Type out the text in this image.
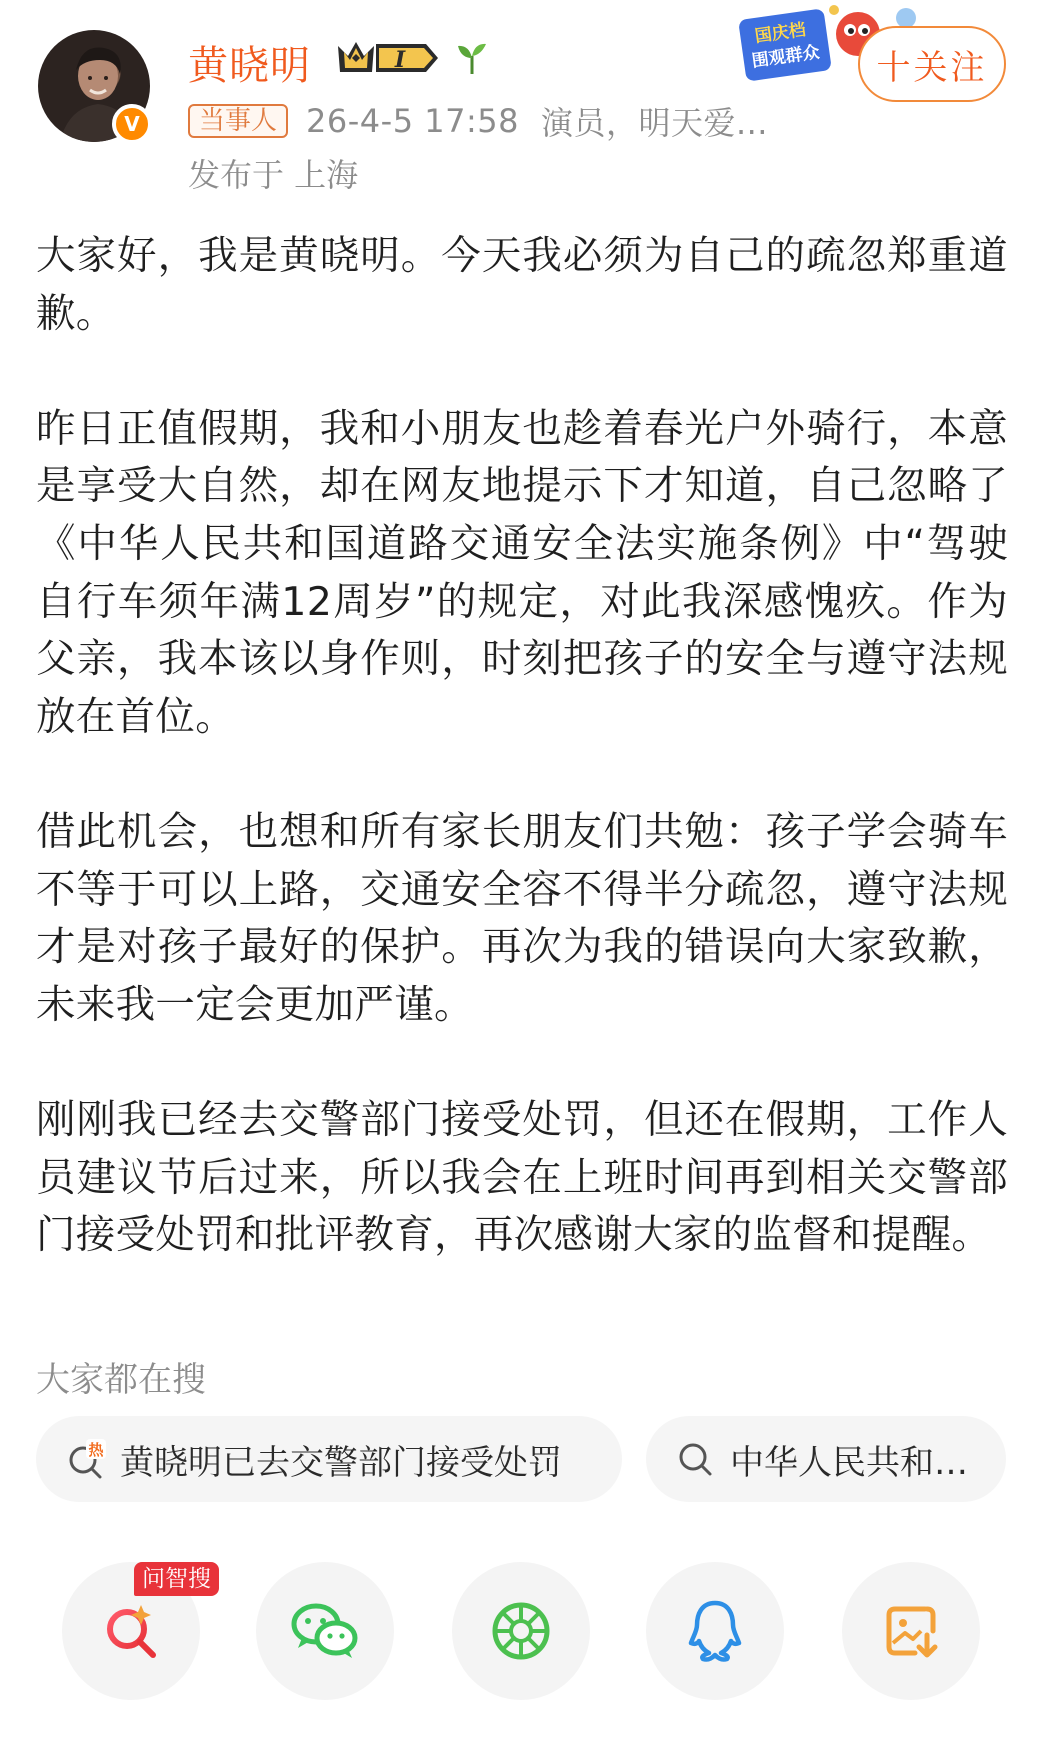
V
黄晓明	I
当事人 26-4-5 17:58 演员，明天爱...
发布于 上海
国庆档
围观群众	十关注

大家好，我是黄晓明。今天我必须为自己的疏忽郑重道歉。

昨日正值假期，我和小朋友也趁着春光户外骑行，本意是享受大自然，却在网友地提示下才知道，自己忽略了《中华人民共和国道路交通安全法实施条例》中“驾驶自行车须年满12周岁”的规定，对此我深感愧疚。作为父亲，我本该以身作则，时刻把孩子的安全与遵守法规放在首位。

借此机会，也想和所有家长朋友们共勉：孩子学会骑车不等于可以上路，交通安全容不得半分疏忽，遵守法规才是对孩子最好的保护。再次为我的错误向大家致歉，未来我一定会更加严谨。

刚刚我已经去交警部门接受处罚，但还在假期，工作人员建议节后过来，所以我会在上班时间再到相关交警部门接受处罚和批评教育，再次感谢大家的监督和提醒。

大家都在搜
热 黄晓明已去交警部门接受处罚	中华人民共和…
问智搜
